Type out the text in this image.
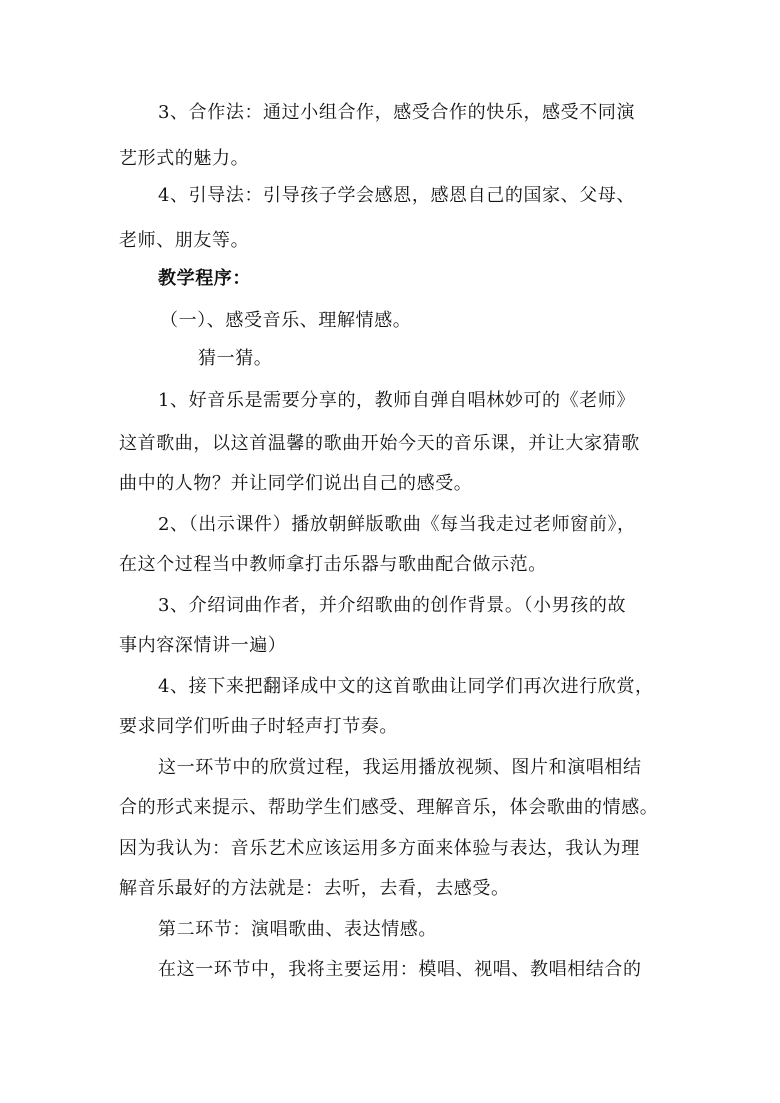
3、合作法：通过小组合作，感受合作的快乐，感受不同演
艺形式的魅力。
4、引导法：引导孩子学会感恩，感恩自己的国家、父母、
老师、朋友等。
教学程序：
（一）、感受音乐、理解情感。
猜一猜。
1、好音乐是需要分享的，教师自弹自唱林妙可的《老师》
这首歌曲，以这首温馨的歌曲开始今天的音乐课，并让大家猜歌
曲中的人物？并让同学们说出自己的感受。
2、（出示课件）播放朝鲜版歌曲《每当我走过老师窗前》，
在这个过程当中教师拿打击乐器与歌曲配合做示范。
3、介绍词曲作者，并介绍歌曲的创作背景。（小男孩的故
事内容深情讲一遍）
4、接下来把翻译成中文的这首歌曲让同学们再次进行欣赏，
要求同学们听曲子时轻声打节奏。
这一环节中的欣赏过程，我运用播放视频、图片和演唱相结
合的形式来提示、帮助学生们感受、理解音乐，体会歌曲的情感。
因为我认为：音乐艺术应该运用多方面来体验与表达，我认为理
解音乐最好的方法就是：去听，去看，去感受。
第二环节：演唱歌曲、表达情感。
在这一环节中，我将主要运用：模唱、视唱、教唱相结合的
